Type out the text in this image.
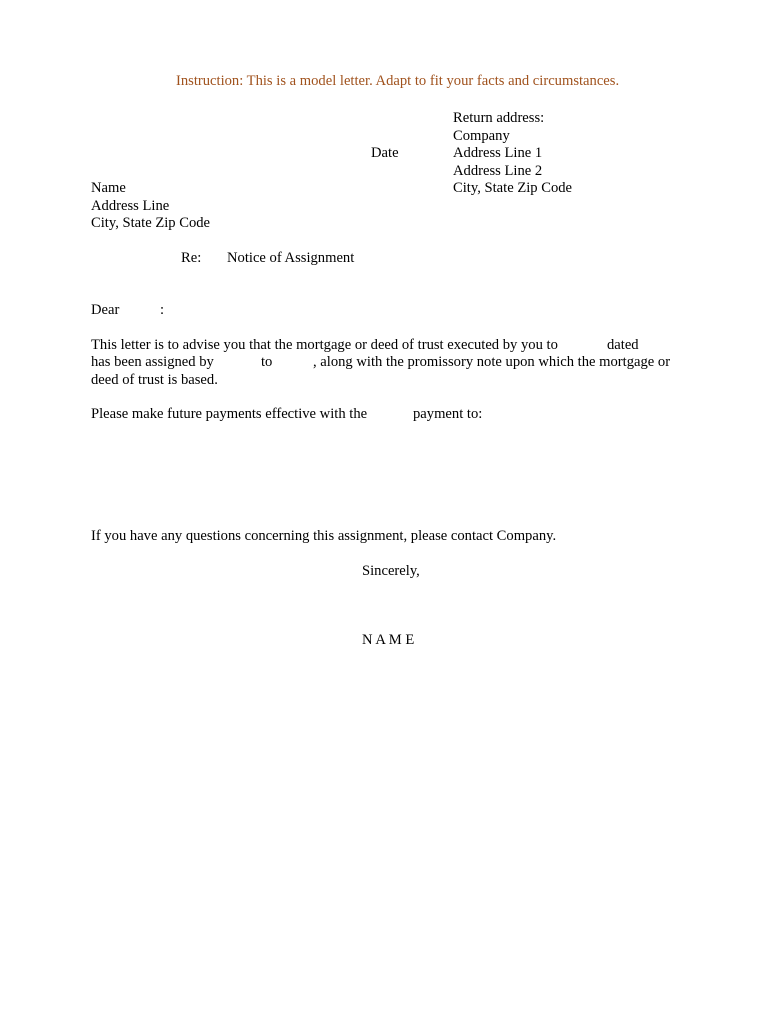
Instruction: This is a model letter. Adapt to fit your facts and circumstances.
Return address:
Company
Address Line 1
Address Line 2
City, State Zip Code
Date
Name
Address Line
City, State Zip Code
Re: Notice of Assignment
Dear	:
This letter is to advise you that the mortgage or deed of trust executed by you to	dated
has been assigned by	to	, along with the promissory note upon which the mortgage or
deed of trust is based.
Please make future payments effective with the	payment to:
If you have any questions concerning this assignment, please contact Company.
Sincerely,
N A M E
